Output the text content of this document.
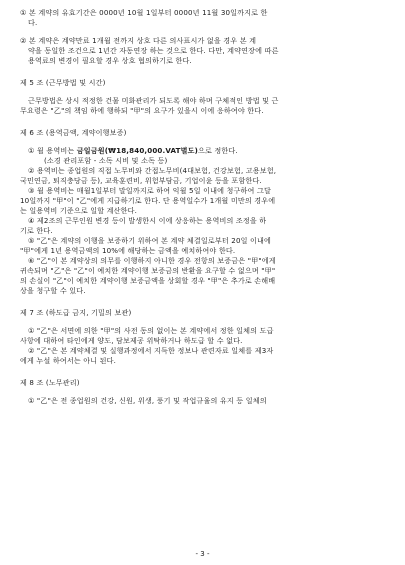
① 본 계약의 유효기간은 0000년 10월 1일부터 0000년 11월 30일까지로 한
다.
② 본 계약은 계약만료 1개월 전까지 상호 다른 의사표시가 없을 경우 본 계
약을 동일한 조건으로 1년간 자동연장 하는 것으로 한다. 다만, 계약연장에 따른
용역료의 변경이 필요할 경우 상호 협의하기로 한다.
제 5 조 (근무방법 및 시간)
근무방법은 상시 적정한 건물 미화관리가 되도록 해야 하며 구체적인 방법 및 근
무요령은 "乙"의 책임 하에 행하되 "甲"의 요구가 있을시 이에 응하여야 한다.
제 6 조 (용역금액, 계약이행보증)
① 월 용역비는 금일금원(₩18,840,000.VAT별도)으로 정한다.
(소경 관리포함 - 소독 시비 및 소독 등)
② 용역비는 종업원의 직접 노무비와 간접노무비(4대보험, 건강보험, 고용보험,
국민연금, 퇴직충당금 등), 교육훈련비, 위험부담금, 기업이윤 등을 포함한다.
③ 월 용역비는 매월1일부터 말일까지로 하여 익월 5일 이내에 청구하여 그달
10일까지 "甲"이 "乙"에게 지급하기로 한다. 단 용역일수가 1개월 미만의 경우에
는 일용역비 기준으로 일할 계산한다.
④ 제2조의 근무인원 변경 등이 발생한시 이에 상응하는 용역비의 조정을 하
기로 한다.
⑤ "乙"은 계약의 이행을 보증하기 위하여 본 계약 체결일로부터 20일 이내에
"甲"에게 1년 용역금액의 10%에 해당하는 금액을 예치하여야 한다.
⑥ "乙"이 본 계약상의 의무를 이행하지 아니한 경우 전항의 보증금은 "甲"에게
귀속되며 "乙"은 "乙"이 예치한 계약이행 보증금의 반환을 요구할 수 없으며 "甲"
의 손실이 "乙"이 예치한 계약이행 보증금액을 상회할 경우 "甲"은 추가로 손해배
상을 청구할 수 있다.
제 7 조 (하도급 금지, 기밀의 보관)
① "乙"은 서면에 의한 "甲"의 사전 동의 없이는 본 계약에서 정한 일체의 도급
사항에 대하여 타인에게 양도, 담보제공 위탁하거나 하도급 할 수 없다.
② "乙"은 본 계약체결 및 실행과정에서 지득한 정보나 관련자료 일체를 제3자
에게 누설 하여서는 아니 된다.
제 8 조 (노무관리)
① "乙"은 전 종업원의 건강, 신원, 위생, 풍기 및 작업규율의 유지 등 일체의
- 3 -
